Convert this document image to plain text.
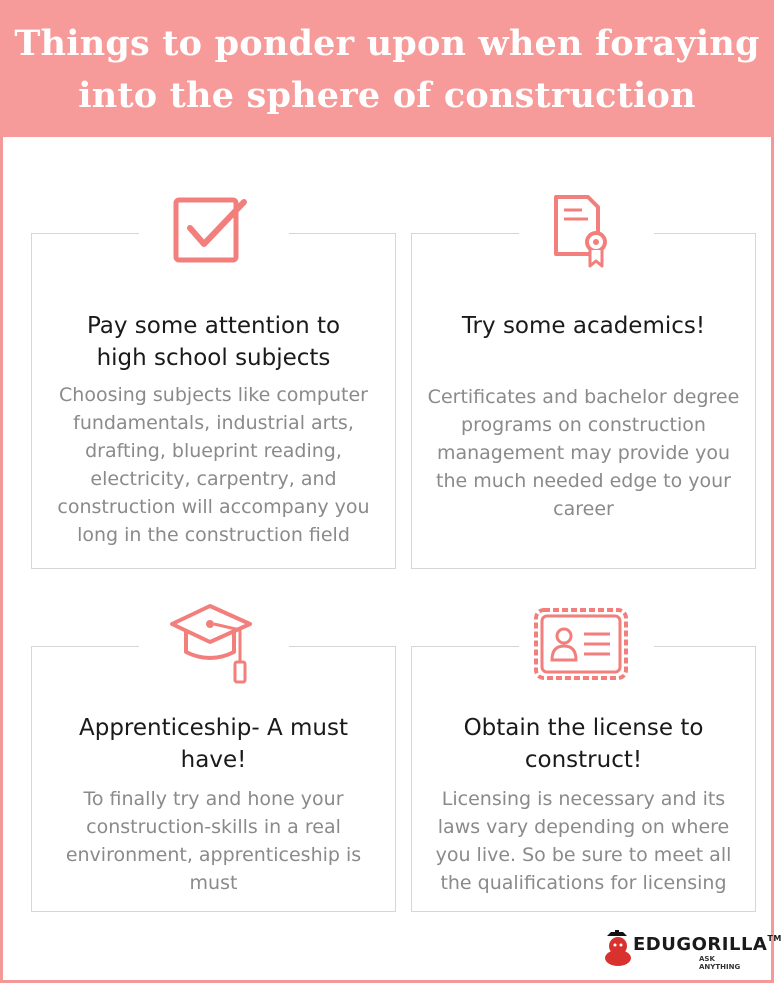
Things to ponder upon when foraying
into the sphere of construction
Pay some attention to
high school subjects
Choosing subjects like computer
fundamentals, industrial arts,
drafting, blueprint reading,
electricity, carpentry, and
construction will accompany you
long in the construction field
Try some academics!
Certificates and bachelor degree
programs on construction
management may provide you
the much needed edge to your
career
Apprenticeship- A must
have!
To finally try and hone your
construction-skills in a real
environment, apprenticeship is
must
Obtain the license to
construct!
Licensing is necessary and its
laws vary depending on where
you live. So be sure to meet all
the qualifications for licensing
EDUGORILLA™
ASK ANYTHING
